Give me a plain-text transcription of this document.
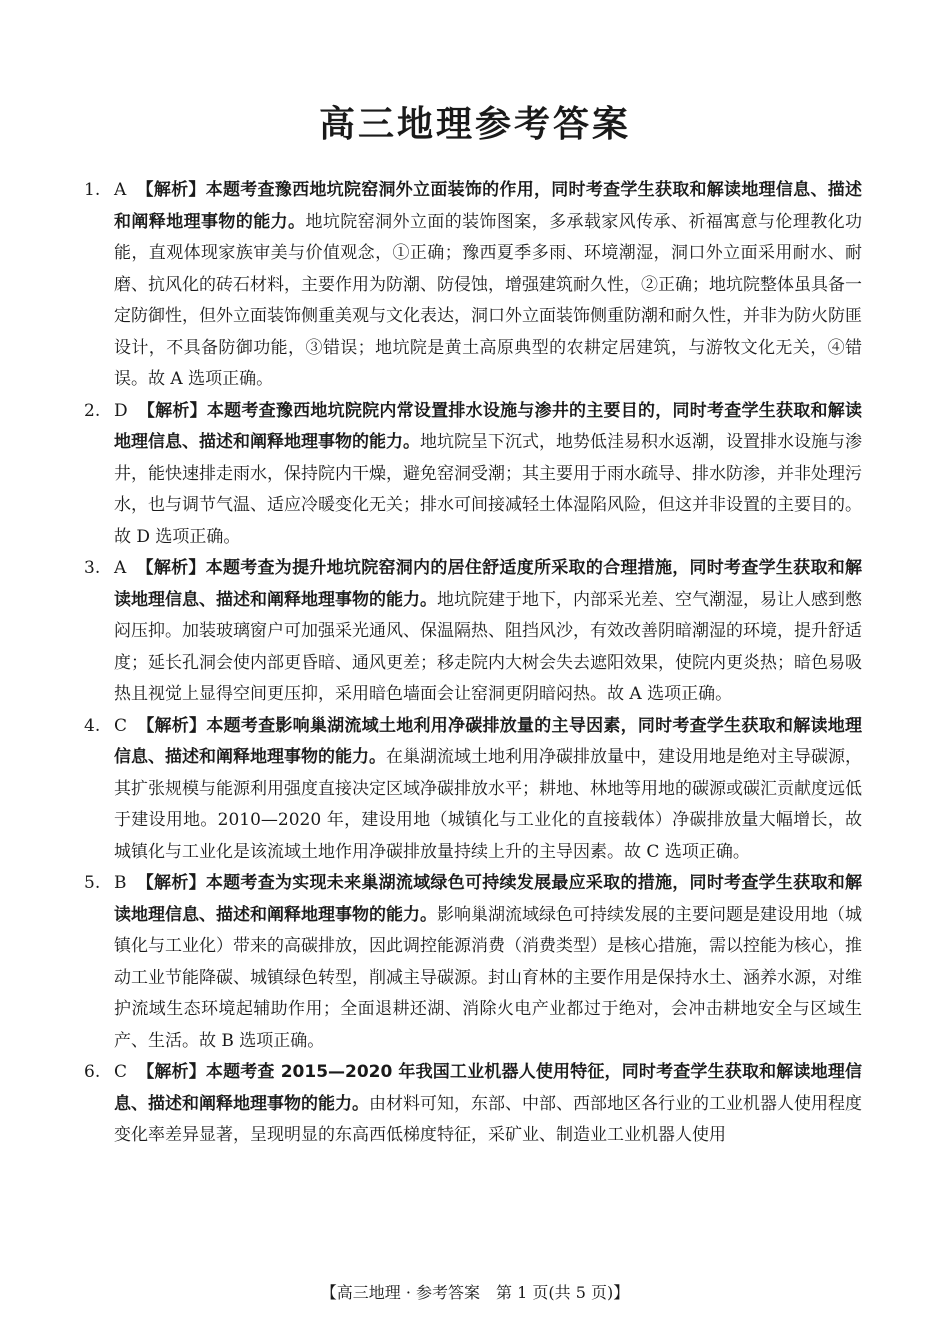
高三地理参考答案

1. A 【解析】本题考查豫西地坑院窑洞外立面装饰的作用，同时考查学生获取和解读地理信息、描述和阐释地理事物的能力。地坑院窑洞外立面的装饰图案，多承载家风传承、祈福寓意与伦理教化功能，直观体现家族审美与价值观念，①正确；豫西夏季多雨、环境潮湿，洞口外立面采用耐水、耐磨、抗风化的砖石材料，主要作用为防潮、防侵蚀，增强建筑耐久性，②正确；地坑院整体虽具备一定防御性，但外立面装饰侧重美观与文化表达，洞口外立面装饰侧重防潮和耐久性，并非为防火防匪设计，不具备防御功能，③错误；地坑院是黄土高原典型的农耕定居建筑，与游牧文化无关，④错误。故 A 选项正确。

2. D 【解析】本题考查豫西地坑院院内常设置排水设施与渗井的主要目的，同时考查学生获取和解读地理信息、描述和阐释地理事物的能力。地坑院呈下沉式，地势低洼易积水返潮，设置排水设施与渗井，能快速排走雨水，保持院内干燥，避免窑洞受潮；其主要用于雨水疏导、排水防渗，并非处理污水，也与调节气温、适应冷暖变化无关；排水可间接减轻土体湿陷风险，但这并非设置的主要目的。故 D 选项正确。

3. A 【解析】本题考查为提升地坑院窑洞内的居住舒适度所采取的合理措施，同时考查学生获取和解读地理信息、描述和阐释地理事物的能力。地坑院建于地下，内部采光差、空气潮湿，易让人感到憋闷压抑。加装玻璃窗户可加强采光通风、保温隔热、阻挡风沙，有效改善阴暗潮湿的环境，提升舒适度；延长孔洞会使内部更昏暗、通风更差；移走院内大树会失去遮阳效果，使院内更炎热；暗色易吸热且视觉上显得空间更压抑，采用暗色墙面会让窑洞更阴暗闷热。故 A 选项正确。

4. C 【解析】本题考查影响巢湖流域土地利用净碳排放量的主导因素，同时考查学生获取和解读地理信息、描述和阐释地理事物的能力。在巢湖流域土地利用净碳排放量中，建设用地是绝对主导碳源，其扩张规模与能源利用强度直接决定区域净碳排放水平；耕地、林地等用地的碳源或碳汇贡献度远低于建设用地。2010—2020 年，建设用地（城镇化与工业化的直接载体）净碳排放量大幅增长，故城镇化与工业化是该流域土地作用净碳排放量持续上升的主导因素。故 C 选项正确。

5. B 【解析】本题考查为实现未来巢湖流域绿色可持续发展最应采取的措施，同时考查学生获取和解读地理信息、描述和阐释地理事物的能力。影响巢湖流域绿色可持续发展的主要问题是建设用地（城镇化与工业化）带来的高碳排放，因此调控能源消费（消费类型）是核心措施，需以控能为核心，推动工业节能降碳、城镇绿色转型，削减主导碳源。封山育林的主要作用是保持水土、涵养水源，对维护流域生态环境起辅助作用；全面退耕还湖、消除火电产业都过于绝对，会冲击耕地安全与区域生产、生活。故 B 选项正确。

6. C 【解析】本题考查 2015—2020 年我国工业机器人使用特征，同时考查学生获取和解读地理信息、描述和阐释地理事物的能力。由材料可知，东部、中部、西部地区各行业的工业机器人使用程度变化率差异显著，呈现明显的东高西低梯度特征，采矿业、制造业工业机器人使用

【高三地理 · 参考答案　第 1 页(共 5 页)】
